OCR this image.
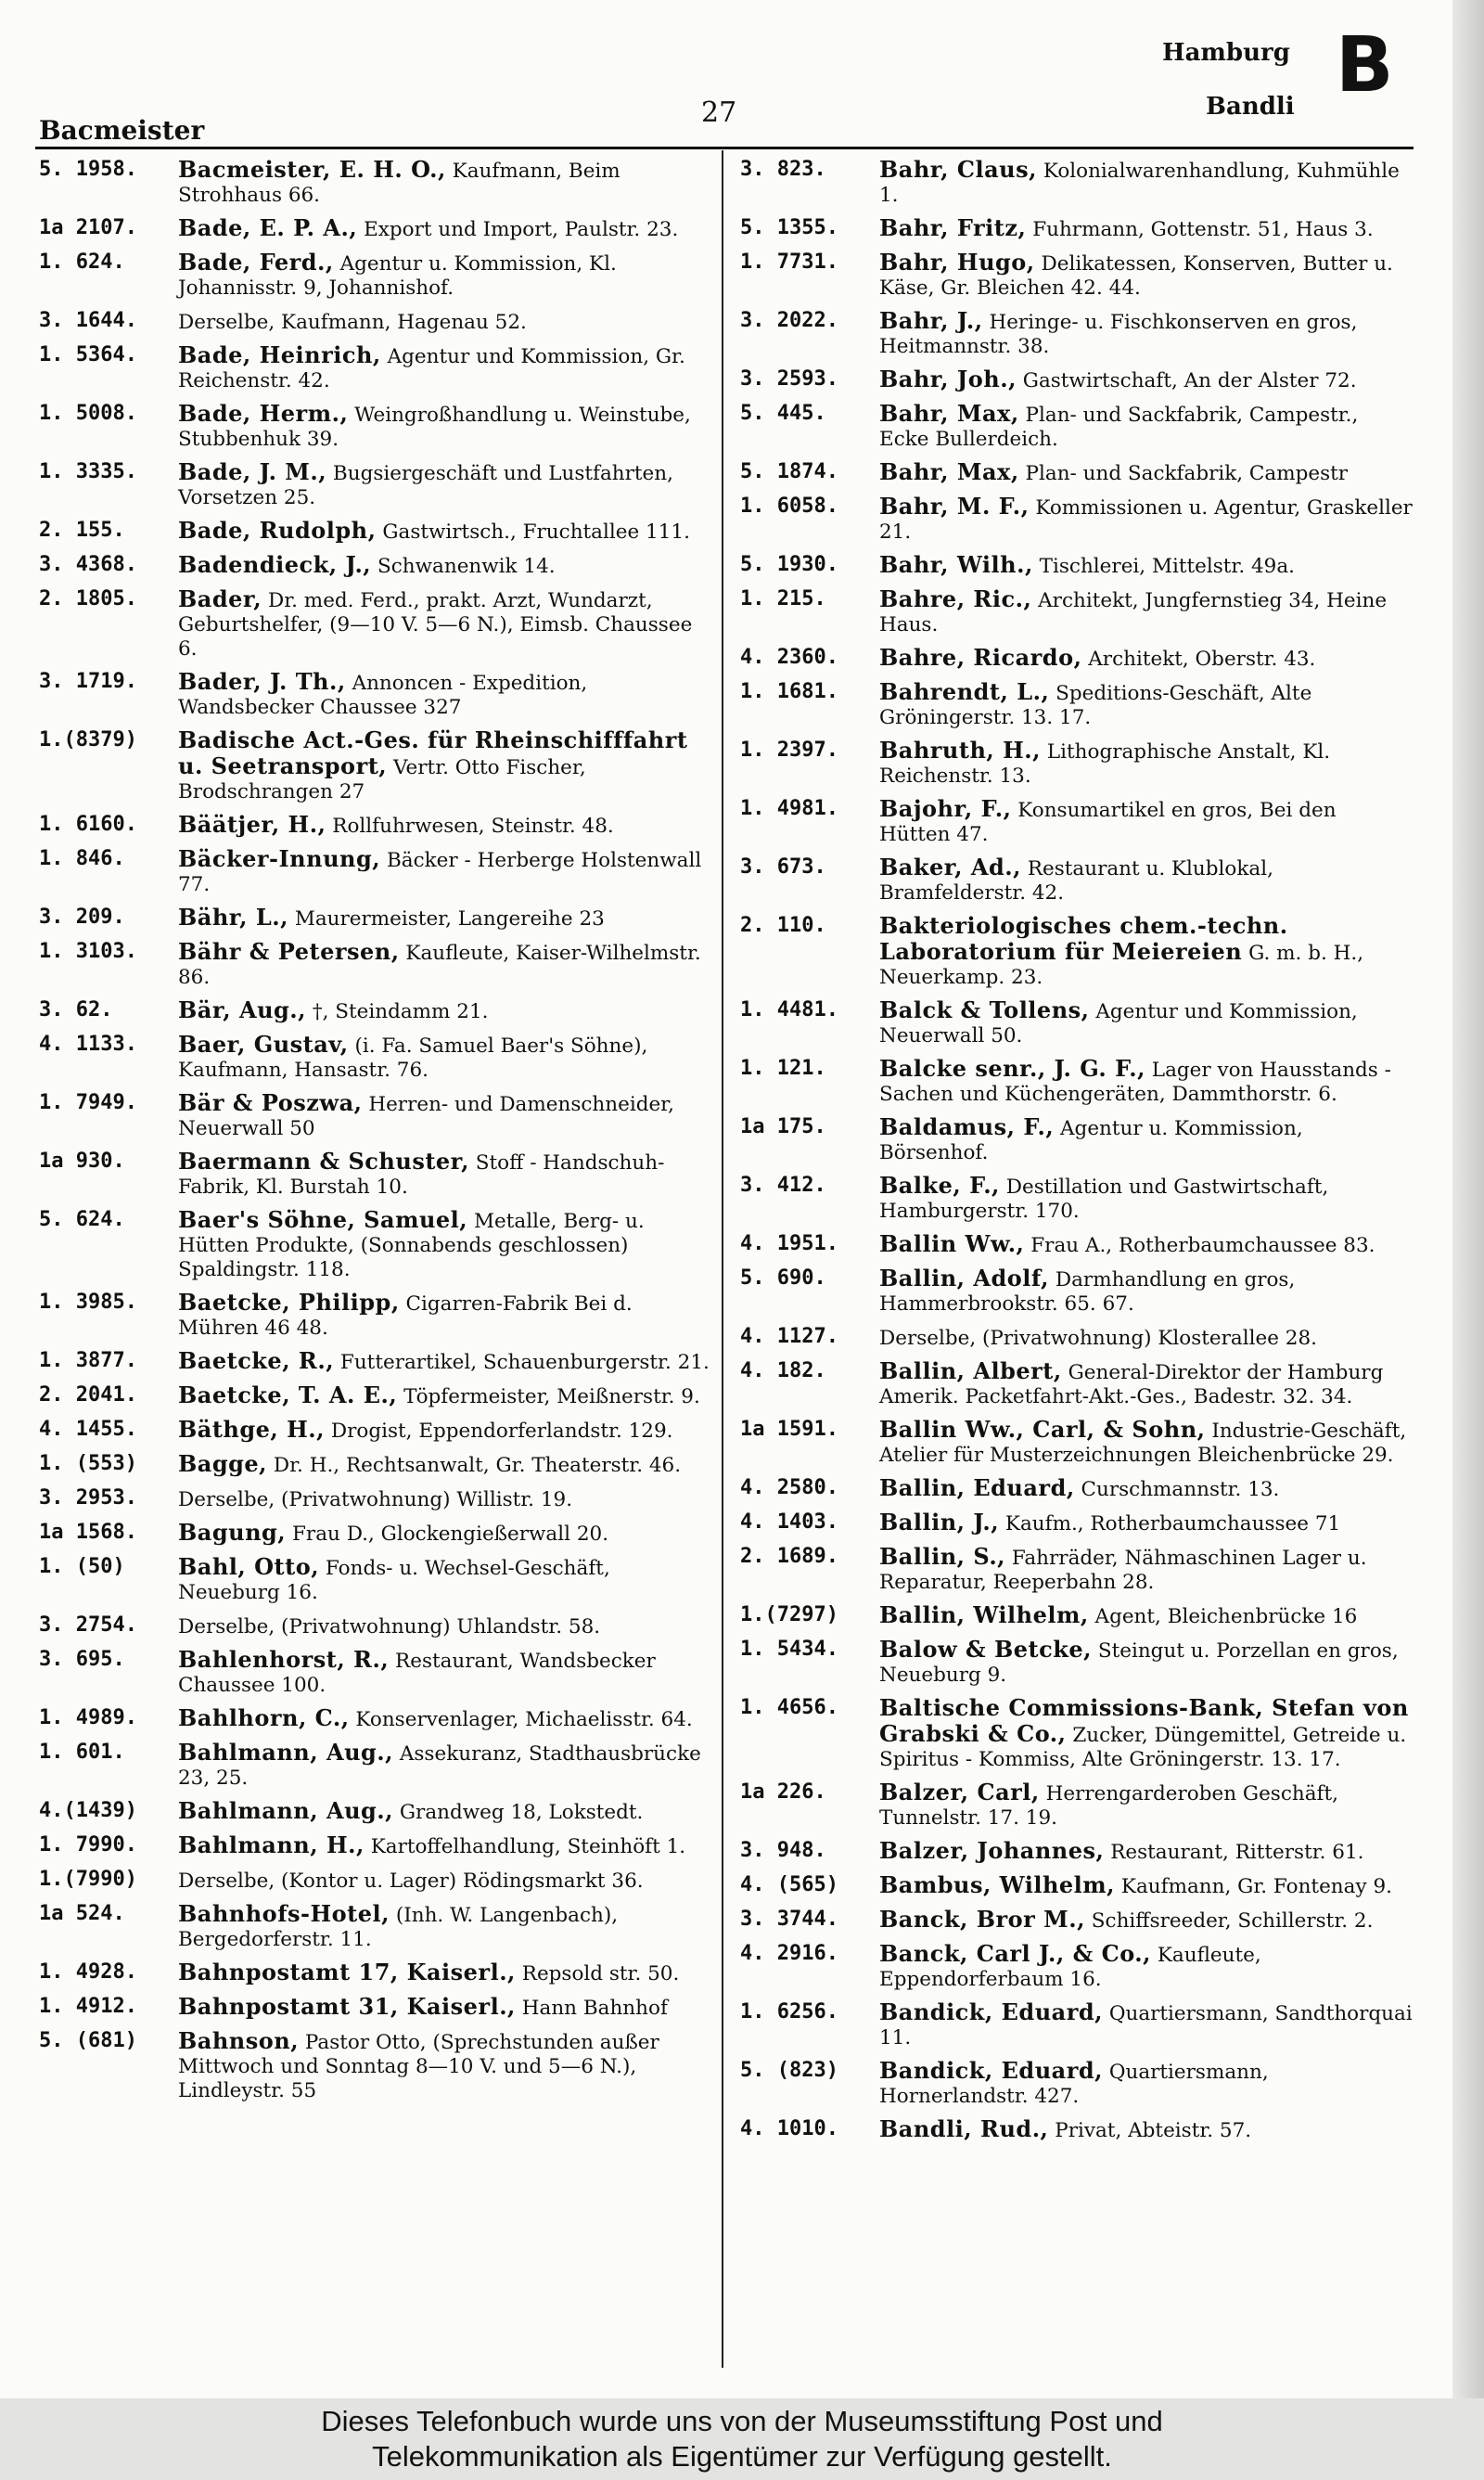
Bacmeister
27
Hamburg
Bandli B
5. 1958.	Bacmeister, E. H. O., Kaufmann, Beim Strohhaus 66.
1a 2107.	Bade, E. P. A., Export und Import, Paulstr. 23.
1. 624.	Bade, Ferd., Agentur u. Kommission, Kl. Johannisstr. 9, Johannishof.
3. 1644.	Derselbe, Kaufmann, Hagenau 52.
1. 5364.	Bade, Heinrich, Agentur und Kommission, Gr. Reichenstr. 42.
1. 5008.	Bade, Herm., Weingroßhandlung u. Weinstube, Stubbenhuk 39.
1. 3335.	Bade, J. M., Bugsiergeschäft und Lustfahrten, Vorsetzen 25.
2. 155.	Bade, Rudolph, Gastwirtsch., Fruchtallee 111.
3. 4368.	Badendieck, J., Schwanenwik 14.
2. 1805.	Bader, Dr. med. Ferd., prakt. Arzt, Wundarzt, Geburtshelfer, (9—10 V. 5—6 N.), Eimsb. Chaussee 6.
3. 1719.	Bader, J. Th., Annoncen - Expedition, Wandsbecker Chaussee 327
1.(8379)	Badische Act.-Ges. für Rheinschifffahrt u. Seetransport, Vertr. Otto Fischer, Brodschrangen 27
1. 6160.	Bäätjer, H., Rollfuhrwesen, Steinstr. 48.
1. 846.	Bäcker-Innung, Bäcker - Herberge Holstenwall 77.
3. 209.	Bähr, L., Maurermeister, Langereihe 23
1. 3103.	Bähr & Petersen, Kaufleute, Kaiser-Wilhelmstr. 86.
3. 62.	Bär, Aug., †, Steindamm 21.
4. 1133.	Baer, Gustav, (i. Fa. Samuel Baer's Söhne), Kaufmann, Hansastr. 76.
1. 7949.	Bär & Poszwa, Herren- und Damenschneider, Neuerwall 50
1a 930.	Baermann & Schuster, Stoff - Handschuh-Fabrik, Kl. Burstah 10.
5. 624.	Baer's Söhne, Samuel, Metalle, Berg- u. Hütten Produkte, (Sonnabends geschlossen) Spaldingstr. 118.
1. 3985.	Baetcke, Philipp, Cigarren-Fabrik Bei d. Mühren 46 48.
1. 3877.	Baetcke, R., Futterartikel, Schauenburgerstr. 21.
2. 2041.	Baetcke, T. A. E., Töpfermeister, Meißnerstr. 9.
4. 1455.	Bäthge, H., Drogist, Eppendorferlandstr. 129.
1. (553)	Bagge, Dr. H., Rechtsanwalt, Gr. Theaterstr. 46.
3. 2953.	Derselbe, (Privatwohnung) Willistr. 19.
1a 1568.	Bagung, Frau D., Glockengießerwall 20.
1. (50)	Bahl, Otto, Fonds- u. Wechsel-Geschäft, Neueburg 16.
3. 2754.	Derselbe, (Privatwohnung) Uhlandstr. 58.
3. 695.	Bahlenhorst, R., Restaurant, Wandsbecker Chaussee 100.
1. 4989.	Bahlhorn, C., Konservenlager, Michaelisstr. 64.
1. 601.	Bahlmann, Aug., Assekuranz, Stadthausbrücke 23, 25.
4.(1439)	Bahlmann, Aug., Grandweg 18, Lokstedt.
1. 7990.	Bahlmann, H., Kartoffelhandlung, Steinhöft 1.
1.(7990)	Derselbe, (Kontor u. Lager) Rödingsmarkt 36.
1a 524.	Bahnhofs-Hotel, (Inh. W. Langenbach), Bergedorferstr. 11.
1. 4928.	Bahnpostamt 17, Kaiserl., Repsold str. 50.
1. 4912.	Bahnpostamt 31, Kaiserl., Hann Bahnhof
5. (681)	Bahnson, Pastor Otto, (Sprechstunden außer Mittwoch und Sonntag 8—10 V. und 5—6 N.), Lindleystr. 55
3. 823.	Bahr, Claus, Kolonialwarenhandlung, Kuhmühle 1.
5. 1355.	Bahr, Fritz, Fuhrmann, Gottenstr. 51, Haus 3.
1. 7731.	Bahr, Hugo, Delikatessen, Konserven, Butter u. Käse, Gr. Bleichen 42. 44.
3. 2022.	Bahr, J., Heringe- u. Fischkonserven en gros, Heitmannstr. 38.
3. 2593.	Bahr, Joh., Gastwirtschaft, An der Alster 72.
5. 445.	Bahr, Max, Plan- und Sackfabrik, Campestr., Ecke Bullerdeich.
5. 1874.	Bahr, Max, Plan- und Sackfabrik, Campestr
1. 6058.	Bahr, M. F., Kommissionen u. Agentur, Graskeller 21.
5. 1930.	Bahr, Wilh., Tischlerei, Mittelstr. 49a.
1. 215.	Bahre, Ric., Architekt, Jungfernstieg 34, Heine Haus.
4. 2360.	Bahre, Ricardo, Architekt, Oberstr. 43.
1. 1681.	Bahrendt, L., Speditions-Geschäft, Alte Gröningerstr. 13. 17.
1. 2397.	Bahruth, H., Lithographische Anstalt, Kl. Reichenstr. 13.
1. 4981.	Bajohr, F., Konsumartikel en gros, Bei den Hütten 47.
3. 673.	Baker, Ad., Restaurant u. Klublokal, Bramfelderstr. 42.
2. 110.	Bakteriologisches chem.-techn. Laboratorium für Meiereien G. m. b. H., Neuerkamp. 23.
1. 4481.	Balck & Tollens, Agentur und Kommission, Neuerwall 50.
1. 121.	Balcke senr., J. G. F., Lager von Hausstands - Sachen und Küchengeräten, Dammthorstr. 6.
1a 175.	Baldamus, F., Agentur u. Kommission, Börsenhof.
3. 412.	Balke, F., Destillation und Gastwirtschaft, Hamburgerstr. 170.
4. 1951.	Ballin Ww., Frau A., Rotherbaumchaussee 83.
5. 690.	Ballin, Adolf, Darmhandlung en gros, Hammerbrookstr. 65. 67.
4. 1127.	Derselbe, (Privatwohnung) Klosterallee 28.
4. 182.	Ballin, Albert, General-Direktor der Hamburg Amerik. Packetfahrt-Akt.-Ges., Badestr. 32. 34.
1a 1591.	Ballin Ww., Carl, & Sohn, Industrie-Geschäft, Atelier für Musterzeichnungen Bleichenbrücke 29.
4. 2580.	Ballin, Eduard, Curschmannstr. 13.
4. 1403.	Ballin, J., Kaufm., Rotherbaumchaussee 71
2. 1689.	Ballin, S., Fahrräder, Nähmaschinen Lager u. Reparatur, Reeperbahn 28.
1.(7297)	Ballin, Wilhelm, Agent, Bleichenbrücke 16
1. 5434.	Balow & Betcke, Steingut u. Porzellan en gros, Neueburg 9.
1. 4656.	Baltische Commissions-Bank, Stefan von Grabski & Co., Zucker, Düngemittel, Getreide u. Spiritus - Kommiss, Alte Gröningerstr. 13. 17.
1a 226.	Balzer, Carl, Herrengarderoben Geschäft, Tunnelstr. 17. 19.
3. 948.	Balzer, Johannes, Restaurant, Ritterstr. 61.
4. (565)	Bambus, Wilhelm, Kaufmann, Gr. Fontenay 9.
3. 3744.	Banck, Bror M., Schiffsreeder, Schillerstr. 2.
4. 2916.	Banck, Carl J., & Co., Kaufleute, Eppendorferbaum 16.
1. 6256.	Bandick, Eduard, Quartiersmann, Sandthorquai 11.
5. (823)	Bandick, Eduard, Quartiersmann, Hornerlandstr. 427.
4. 1010.	Bandli, Rud., Privat, Abteistr. 57.
Dieses Telefonbuch wurde uns von der Museumsstiftung Post und
Telekommunikation als Eigentümer zur Verfügung gestellt.
